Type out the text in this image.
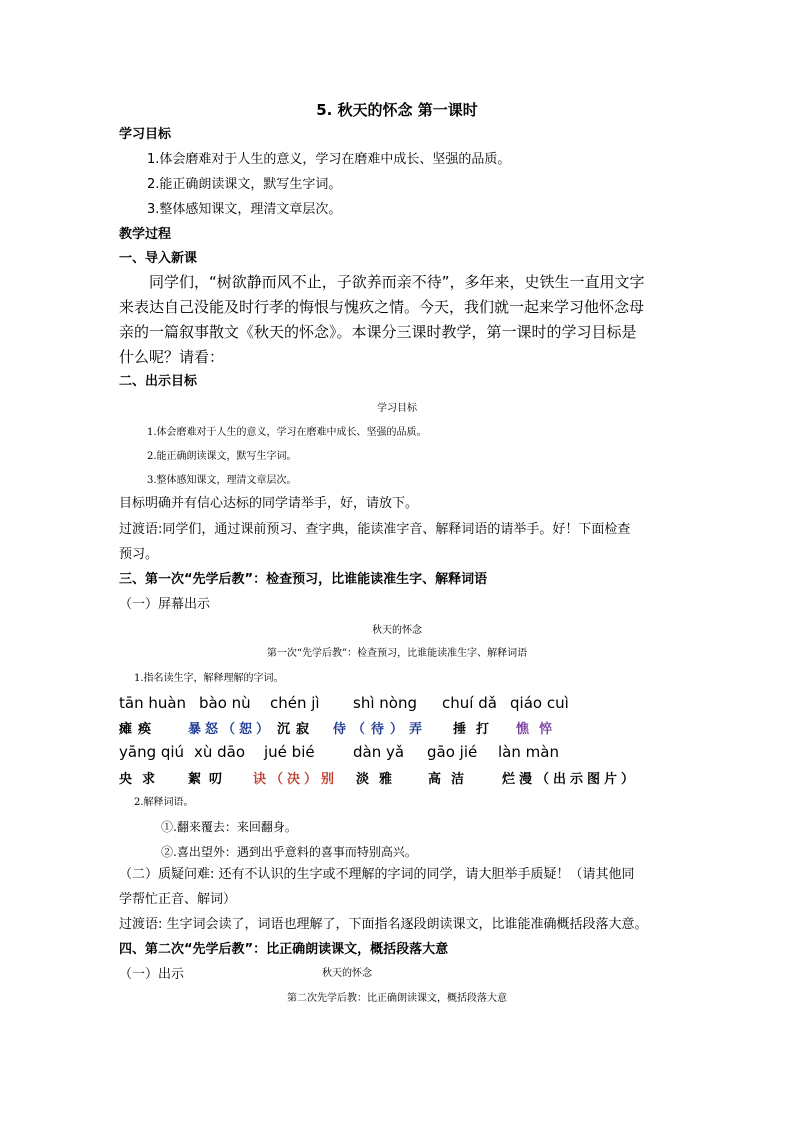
5. 秋天的怀念 第一课时
学习目标
1.体会磨难对于人生的意义，学习在磨难中成长、坚强的品质。
2.能正确朗读课文，默写生字词。
3.整体感知课文，理清文章层次。
教学过程
一、导入新课
同学们，“树欲静而风不止，子欲养而亲不待”，多年来，史铁生一直用文字
来表达自己没能及时行孝的悔恨与愧疚之情。今天，我们就一起来学习他怀念母
亲的一篇叙事散文《秋天的怀念》。本课分三课时教学，第一课时的学习目标是
什么呢？请看：
二、出示目标
学习目标
1.体会磨难对于人生的意义，学习在磨难中成长、坚强的品质。
2.能正确朗读课文，默写生字词。
3.整体感知课文，理清文章层次。
目标明确并有信心达标的同学请举手，好，请放下。
过渡语:同学们，通过课前预习、查字典，能读准字音、解释词语的请举手。好！下面检查
预习。
三、第一次“先学后教”：检查预习，比谁能读准生字、解释词语
（一）屏幕出示
秋天的怀念
第一次“先学后教”：检查预习，比谁能读准生字、解释词语
1.指名读生字，解释理解的字词。
tān huàn bào nù chén jì shì nòng chuí dǎ qiáo cuì
瘫痪 暴怒（恕） 沉寂 侍（待）弄 捶打 憔悴
yāng qiú xù dāo jué bié	dàn yǎ gāo jié làn màn
央求 絮叨 诀（决）别 淡雅 高洁 烂漫（出示图片）
2.解释词语。
①.翻来覆去：来回翻身。
②.喜出望外：遇到出乎意料的喜事而特别高兴。
（二）质疑问难: 还有不认识的生字或不理解的字词的同学，请大胆举手质疑！（请其他同
学帮忙正音、解词）
过渡语: 生字词会读了，词语也理解了，下面指名逐段朗读课文，比谁能准确概括段落大意。
四、第二次“先学后教”：比正确朗读课文，概括段落大意
（一）出示	秋天的怀念
第二次先学后教：比正确朗读课文，概括段落大意
